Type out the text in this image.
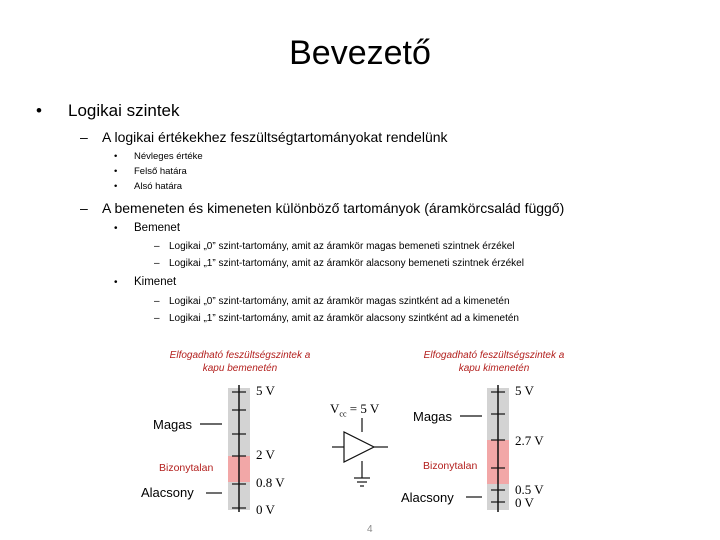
Bevezető
• Logikai szintek
– A logikai értékekhez feszültségtartományokat rendelünk
• Névleges értéke
• Felső határa
• Alsó határa
– A bemeneten és kimeneten különböző tartományok (áramkörcsalád függő)
• Bemenet
– Logikai „0” szint-tartomány, amit az áramkör magas bemeneti szintnek érzékel
– Logikai „1” szint-tartomány, amit az áramkör alacsony bemeneti szintnek érzékel
• Kimenet
– Logikai „0” szint-tartomány, amit az áramkör magas szintként ad a kimenetén
– Logikai „1” szint-tartomány, amit az áramkör alacsony szintként ad a kimenetén
Elfogadható feszültségszintek a
kapu bemenetén
Elfogadható feszültségszintek a
kapu kimenetén
Magas
Bizonytalan
Alacsony
5 V
2 V
0.8 V
0 V
$V_{cc} = 5$ V
Magas
Bizonytalan
Alacsony
5 V
2.7 V
0.5 V
0 V
4
